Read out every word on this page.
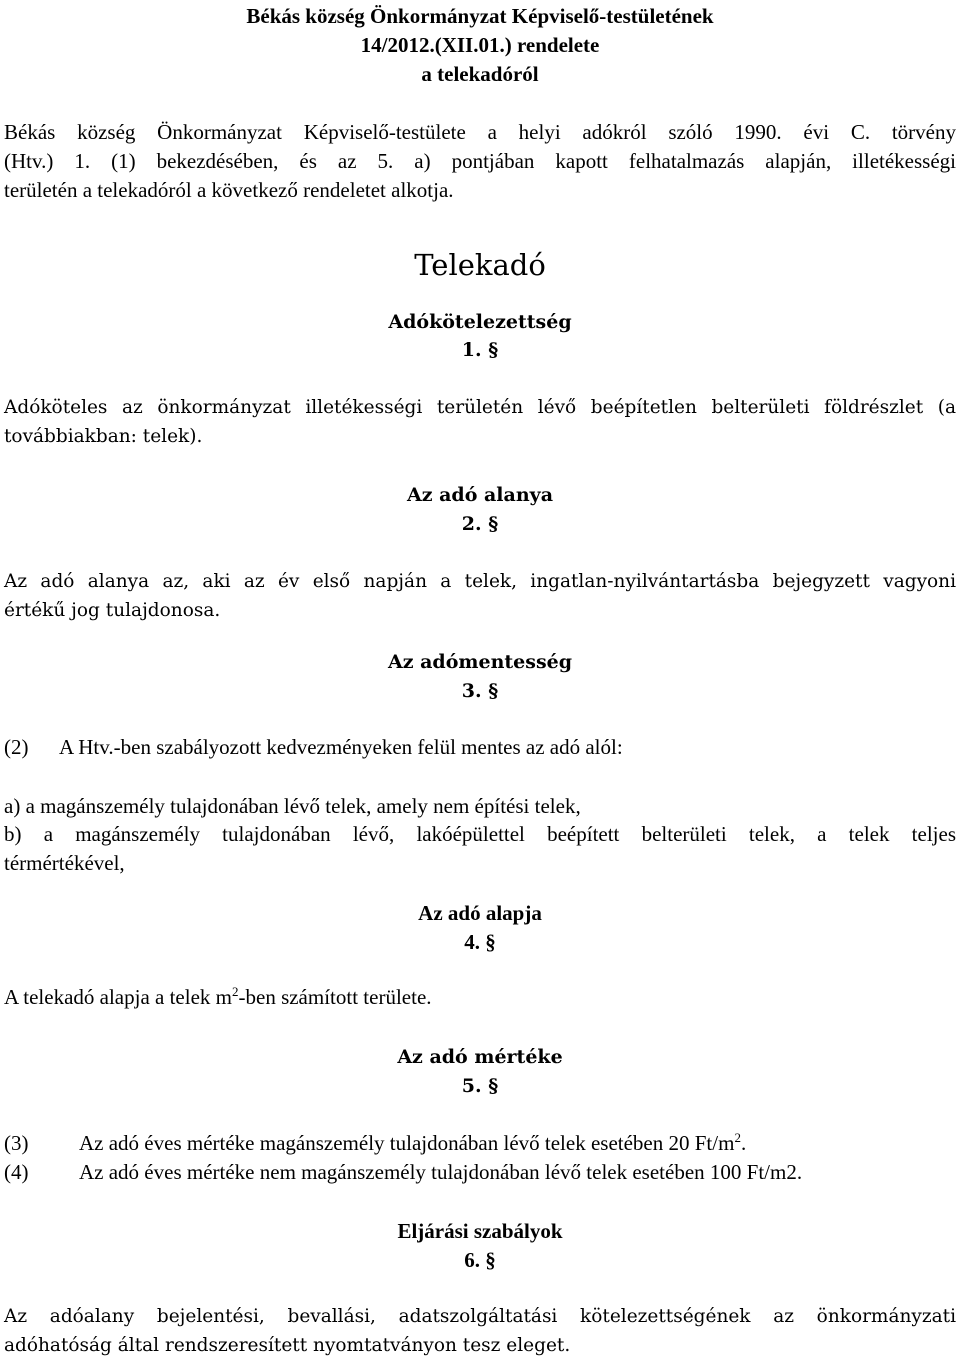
Békás község Önkormányzat Képviselő-testületének
14/2012.(XII.01.) rendelete
a telekadóról
Békás község Önkormányzat Képviselő-testülete a helyi adókról szóló 1990. évi C. törvény
(Htv.) 1. (1) bekezdésében, és az 5. a) pontjában kapott felhatalmazás alapján, illetékességi
területén a telekadóról a következő rendeletet alkotja.
Telekadó
Adókötelezettség
1. §
Adóköteles az önkormányzat illetékességi területén lévő beépítetlen belterületi földrészlet (a
továbbiakban: telek).
Az adó alanya
2. §
Az adó alanya az, aki az év első napján a telek, ingatlan-nyilvántartásba bejegyzett vagyoni
értékű jog tulajdonosa.
Az adómentesség
3. §
(2) A Htv.-ben szabályozott kedvezményeken felül mentes az adó alól:
a) a magánszemély tulajdonában lévő telek, amely nem építési telek,
b) a magánszemély tulajdonában lévő, lakóépülettel beépített belterületi telek, a telek teljes
térmértékével,
Az adó alapja
4. §
A telekadó alapja a telek $m^2$-ben számított területe.
Az adó mértéke
5. §
(3) Az adó éves mértéke magánszemély tulajdonában lévő telek esetében 20 $Ft/m^2$.
(4) Az adó éves mértéke nem magánszemély tulajdonában lévő telek esetében 100 Ft/m2.
Eljárási szabályok
6. §
Az adóalany bejelentési, bevallási, adatszolgáltatási kötelezettségének az önkormányzati
adóhatóság által rendszeresített nyomtatványon tesz eleget.
